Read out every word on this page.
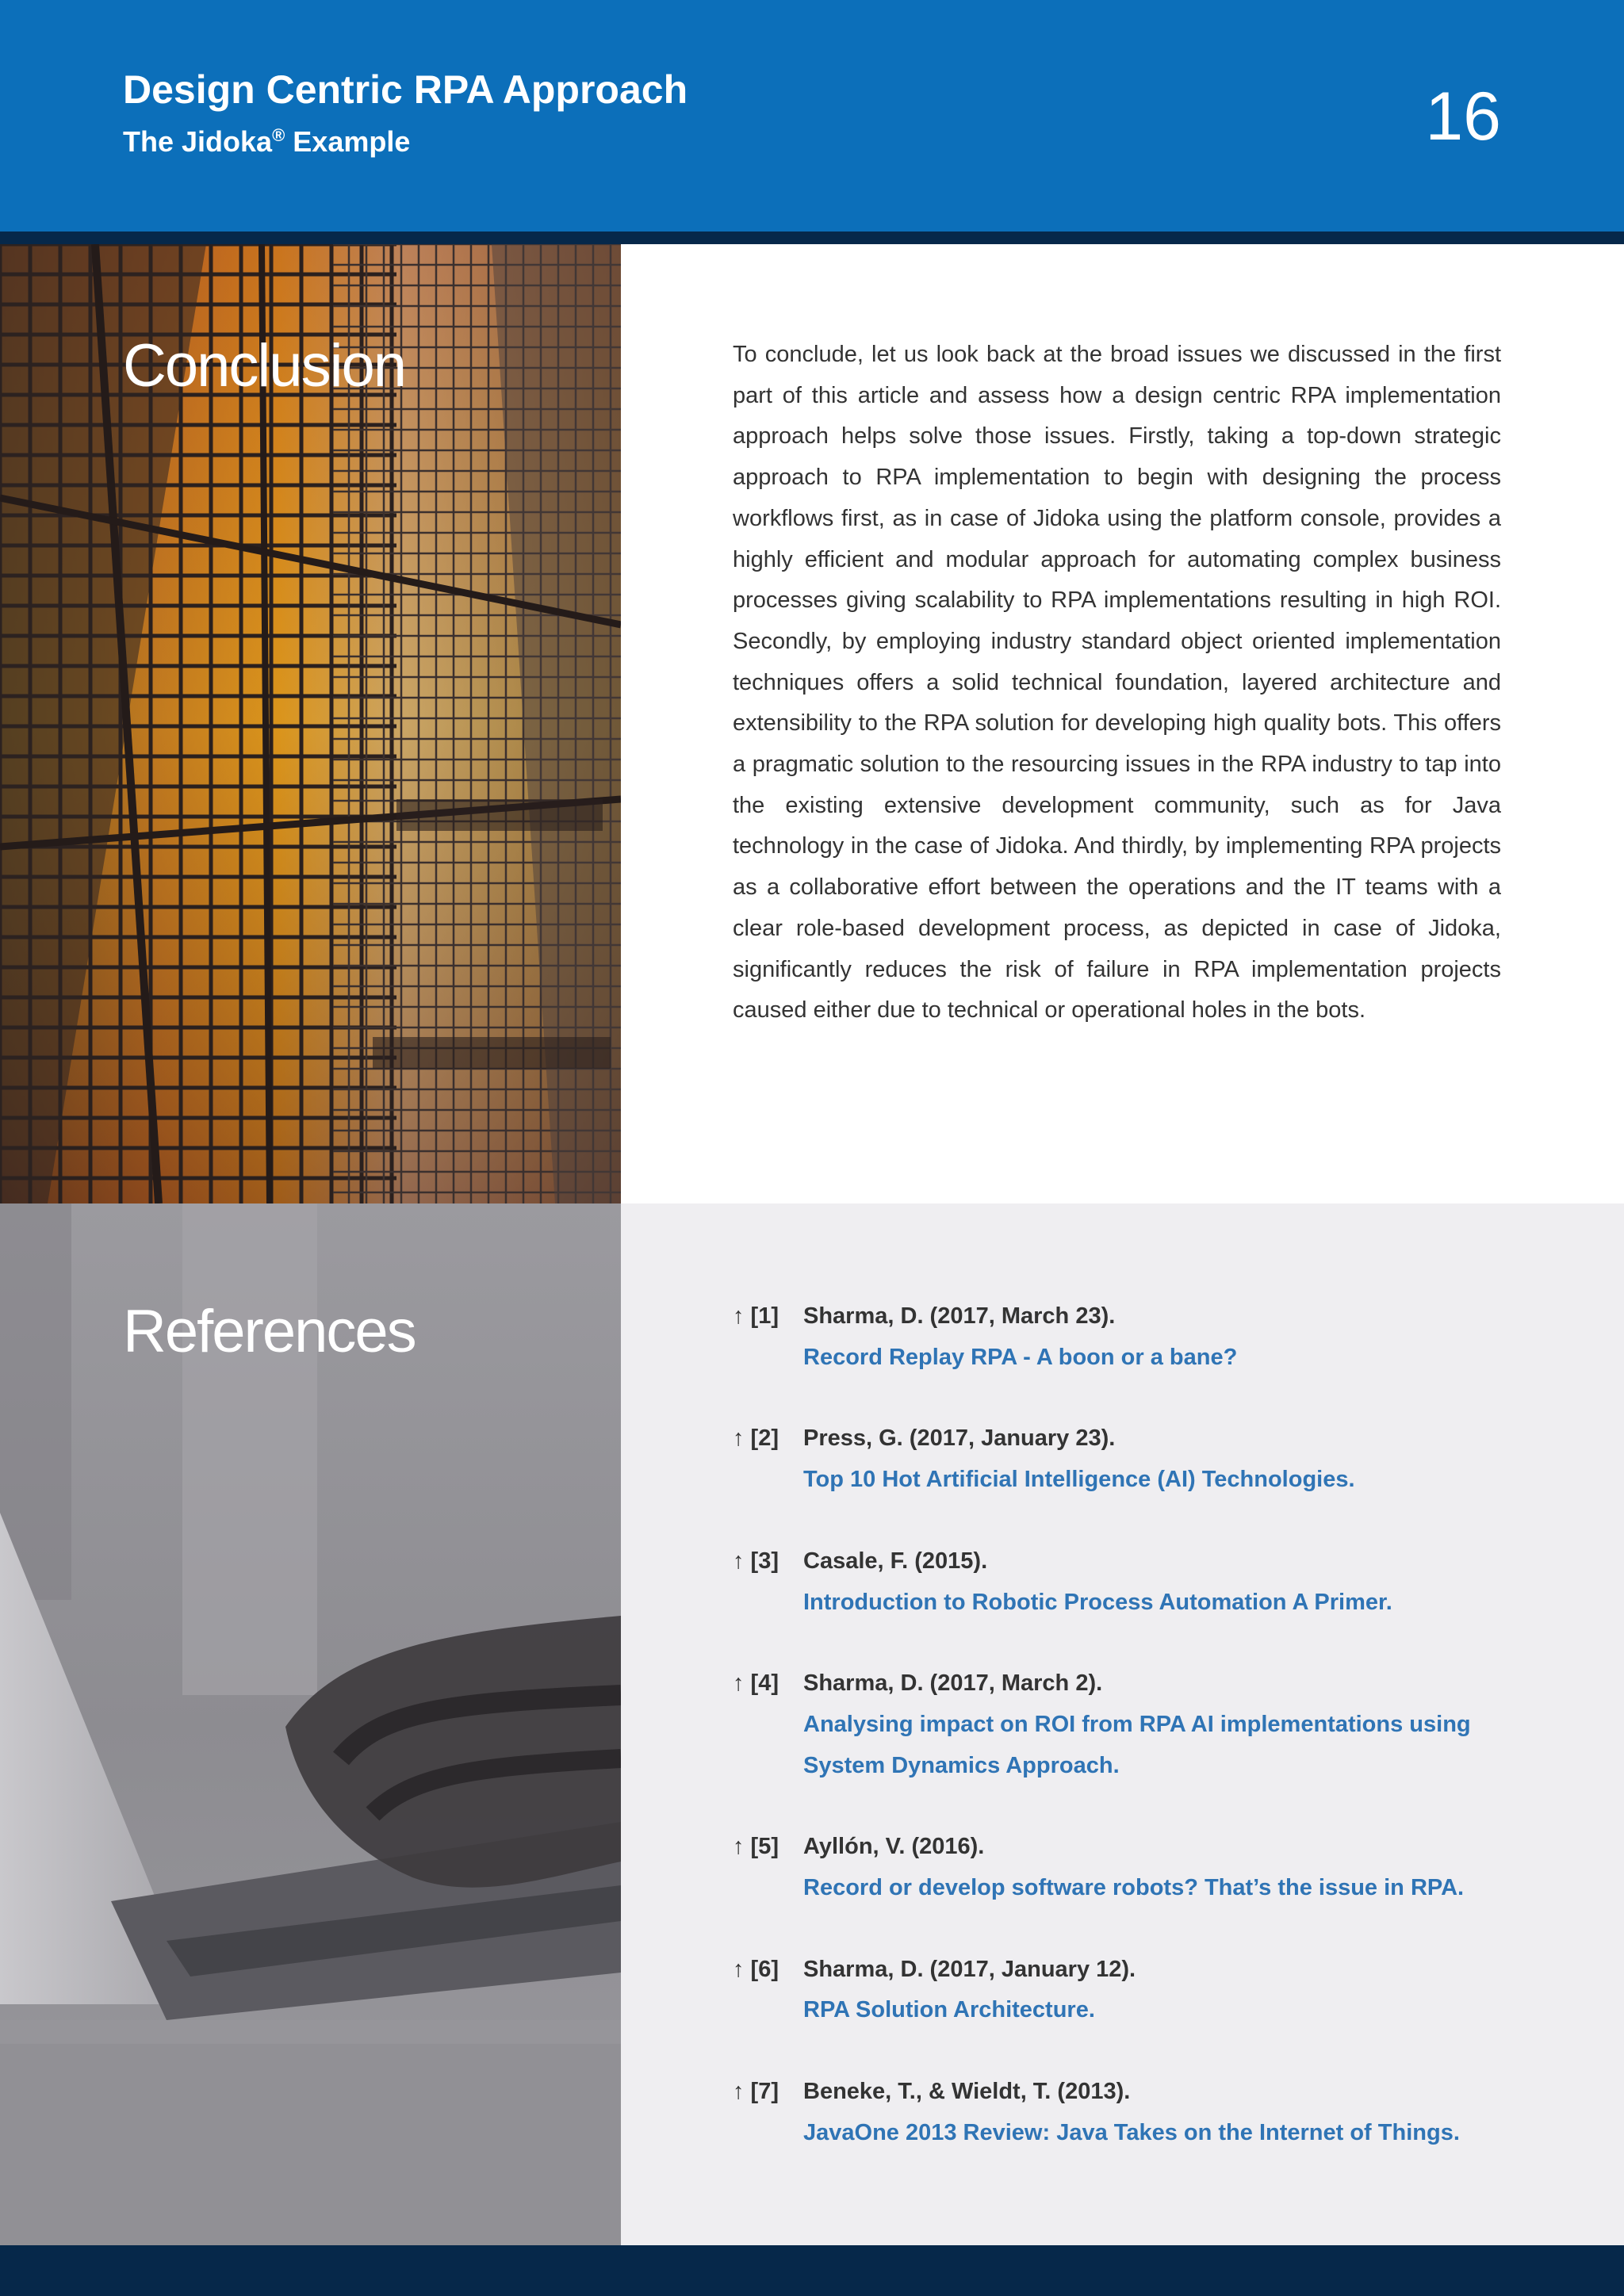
Design Centric RPA Approach
The Jidoka® Example	16
Conclusion	To conclude, let us look back at the broad issues we discussed in the first part of this article and assess how a design centric RPA implementation approach helps solve those issues. Firstly, taking a top-down strategic approach to RPA implementation to begin with designing the process workflows first, as in case of Jidoka using the platform console, provides a highly efficient and modular approach for automating complex business processes giving scalability to RPA implementations resulting in high ROI. Secondly, by employing industry standard object oriented implementation techniques offers a solid technical foundation, layered architecture and extensibility to the RPA solution for developing high quality bots. This offers a pragmatic solution to the resourcing issues in the RPA industry to tap into the existing extensive development community, such as for Java technology in the case of Jidoka. And thirdly, by implementing RPA projects as a collaborative effort between the operations and the IT teams with a clear role-based development process, as depicted in case of Jidoka, significantly reduces the risk of failure in RPA implementation projects caused either due to technical or operational holes in the bots.

References	↑ [1] Sharma, D. (2017, March 23).
Record Replay RPA - A boon or a bane?
↑ [2] Press, G. (2017, January 23).
Top 10 Hot Artificial Intelligence (AI) Technologies.
↑ [3] Casale, F. (2015).
Introduction to Robotic Process Automation A Primer.
↑ [4] Sharma, D. (2017, March 2).
Analysing impact on ROI from RPA AI implementations using System Dynamics Approach.
↑ [5] Ayllón, V. (2016).
Record or develop software robots? That’s the issue in RPA.
↑ [6] Sharma, D. (2017, January 12).
RPA Solution Architecture.
↑ [7] Beneke, T., & Wieldt, T. (2013).
JavaOne 2013 Review: Java Takes on the Internet of Things.
